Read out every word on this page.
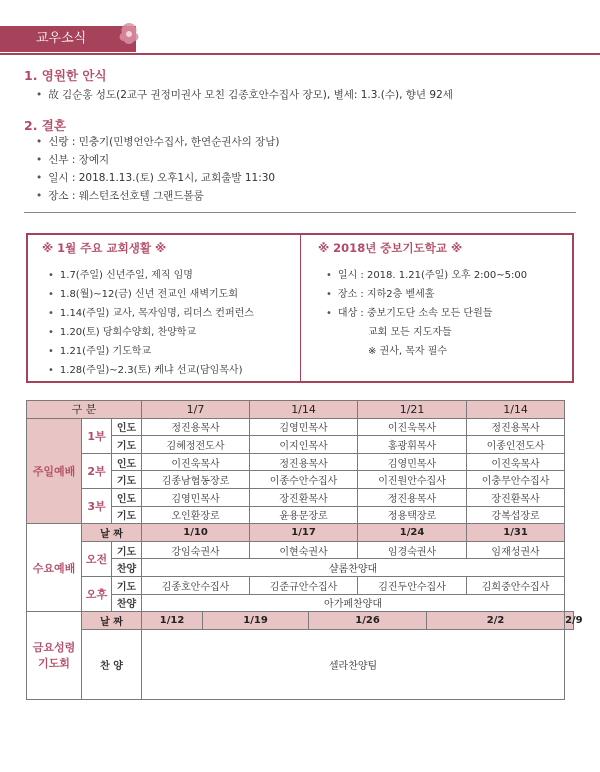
교우소식
1. 영원한 안식
• 故 김순홍 성도(2교구 권정미권사 모친 김종호안수집사 장모), 별세: 1.3.(수), 향년 92세
2. 결혼
• 신랑 : 민충기(민병언안수집사, 한연순권사의 장남)
• 신부 : 장예지
• 일시 : 2018.1.13.(토) 오후1시, 교회출발 11:30
• 장소 : 웨스턴조선호텔 그랜드볼룸
※ 1월 주요 교회생활 ※
• 1.7(주일) 신년주일, 제직 임명
• 1.8(월)~12(금) 신년 전교인 새벽기도회
• 1.14(주일) 교사, 목자임명, 리더스 컨퍼런스
• 1.20(토) 당회수양회, 찬양학교
• 1.21(주일) 기도학교
• 1.28(주일)~2.3(토) 케냐 선교(담임목사)
※ 2018년 중보기도학교 ※
• 일시 : 2018. 1.21(주일) 오후 2:00~5:00
• 장소 : 지하2층 벧세홀
• 대상 : 중보기도단 소속 모든 단원들
교회 모든 지도자들
※ 권사, 목자 필수
구 분			1/7		1/14		1/21		1/14	
주일예배	1부	인도	정진용목사		김영민목사		이진욱목사		정진용목사	
		기도	김혜정전도사		이지인목사		홍광휘목사		이종인전도사	
	2부	인도	이진욱목사		정진용목사		김영민목사		이진욱목사	
		기도	김종남협동장로		이종수안수집사		이진원안수집사		이충무안수집사	
	3부	인도	김영민목사		장진환목사		정진용목사		장진환목사	
		기도	오인환장로		윤용문장로		정용택장로		강복섭장로	
수요예배	날 짜		1/10		1/17		1/24		1/31	
	오전	기도	강임숙권사		이현숙권사		임경숙권사		임재성권사	
		찬양	샬롬찬양대							
	오후	기도	김종호안수집사		김준규안수집사		김진두안수집사		김희중안수집사	
		찬양	아가페찬양대							
금요성령
기도회	날 짜		1/12	1/19		1/26		2/2		2/9
	찬 양		셀라찬양팀							
